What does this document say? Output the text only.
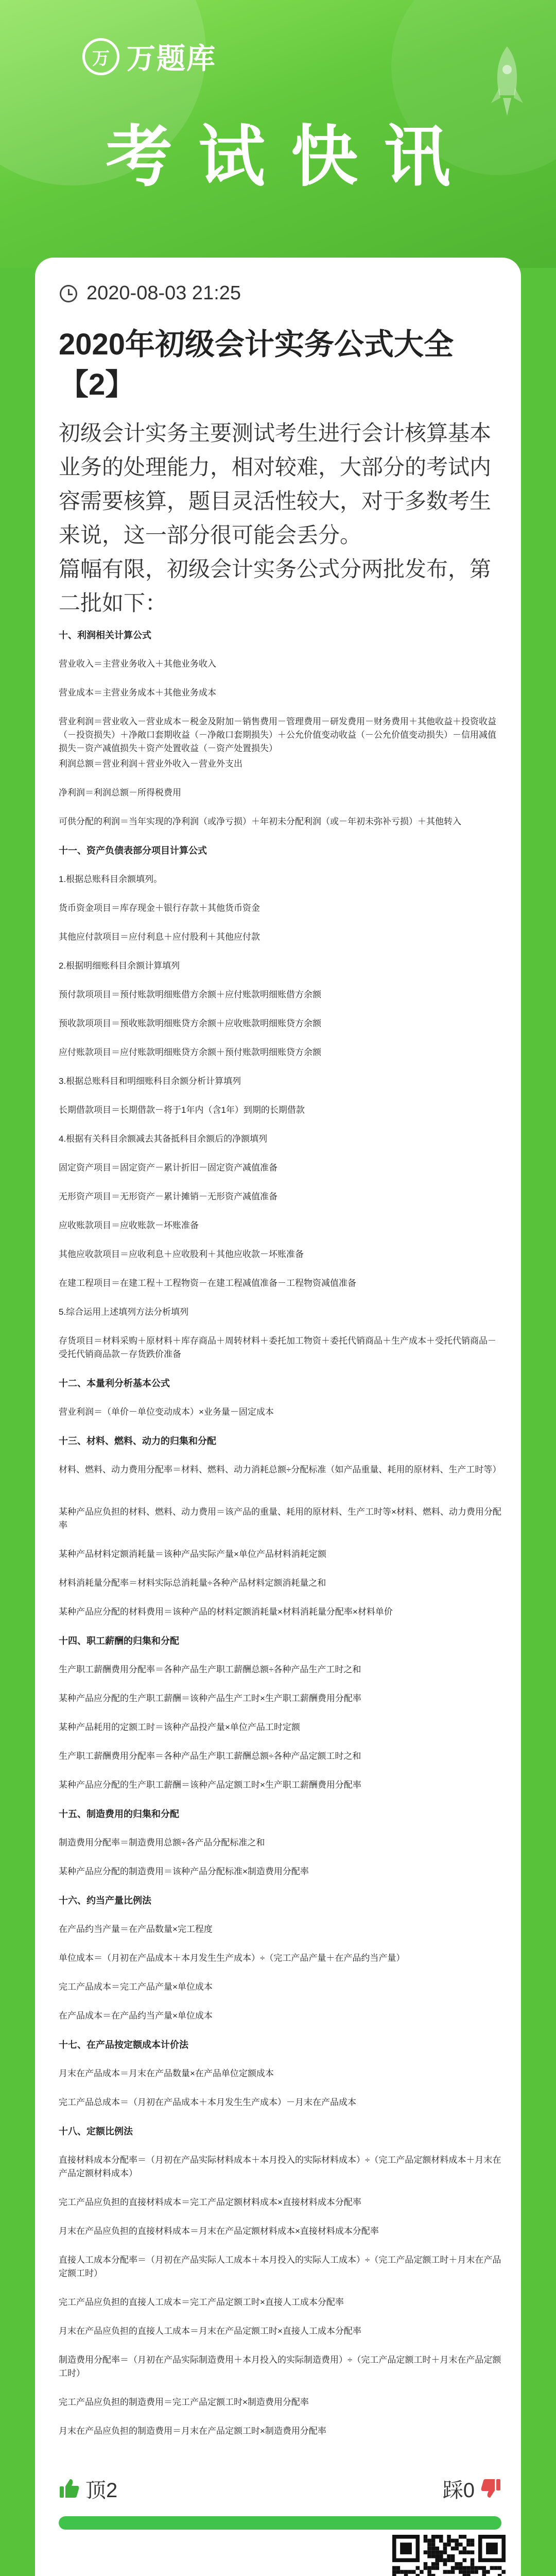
万 万题库
考试快讯
2020-08-03 21:25
2020年初级会计实务公式大全【2】
初级会计实务主要测试考生进行会计核算基本业务的处理能力，相对较难，大部分的考试内容需要核算，题目灵活性较大，对于多数考生来说，这一部分很可能会丢分。
篇幅有限，初级会计实务公式分两批发布，第二批如下：
十、利润相关计算公式
营业收入＝主营业务收入＋其他业务收入
营业成本＝主营业务成本＋其他业务成本
营业利润＝营业收入－营业成本－税金及附加－销售费用－管理费用－研发费用－财务费用＋其他收益＋投资收益（－投资损失）＋净敞口套期收益（－净敞口套期损失）＋公允价值变动收益（－公允价值变动损失）－信用减值损失－资产减值损失＋资产处置收益（－资产处置损失）
利润总额＝营业利润＋营业外收入－营业外支出
净利润＝利润总额－所得税费用
可供分配的利润＝当年实现的净利润（或净亏损）＋年初未分配利润（或－年初未弥补亏损）＋其他转入
十一、资产负债表部分项目计算公式
1.根据总账科目余额填列。
货币资金项目＝库存现金＋银行存款＋其他货币资金
其他应付款项目＝应付利息＋应付股利＋其他应付款
2.根据明细账科目余额计算填列
预付款项项目＝预付账款明细账借方余额＋应付账款明细账借方余额
预收款项项目＝预收账款明细账贷方余额＋应收账款明细账贷方余额
应付账款项目＝应付账款明细账贷方余额＋预付账款明细账贷方余额
3.根据总账科目和明细账科目余额分析计算填列
长期借款项目＝长期借款－将于1年内（含1年）到期的长期借款
4.根据有关科目余额减去其备抵科目余额后的净额填列
固定资产项目＝固定资产－累计折旧－固定资产减值准备
无形资产项目＝无形资产－累计摊销－无形资产减值准备
应收账款项目＝应收账款－坏账准备
其他应收款项目＝应收利息＋应收股利＋其他应收款－坏账准备
在建工程项目＝在建工程＋工程物资－在建工程减值准备－工程物资减值准备
5.综合运用上述填列方法分析填列
存货项目＝材料采购＋原材料＋库存商品＋周转材料＋委托加工物资＋委托代销商品＋生产成本＋受托代销商品－受托代销商品款－存货跌价准备
十二、本量利分析基本公式
营业利润＝（单价－单位变动成本）×业务量－固定成本
十三、材料、燃料、动力的归集和分配
材料、燃料、动力费用分配率＝材料、燃料、动力消耗总额÷分配标准（如产品重量、耗用的原材料、生产工时等）
某种产品应负担的材料、燃料、动力费用＝该产品的重量、耗用的原材料、生产工时等×材料、燃料、动力费用分配率
某种产品材料定额消耗量＝该种产品实际产量×单位产品材料消耗定额
材料消耗量分配率＝材料实际总消耗量÷各种产品材料定额消耗量之和
某种产品应分配的材料费用＝该种产品的材料定额消耗量×材料消耗量分配率×材料单价
十四、职工薪酬的归集和分配
生产职工薪酬费用分配率＝各种产品生产职工薪酬总额÷各种产品生产工时之和
某种产品应分配的生产职工薪酬＝该种产品生产工时×生产职工薪酬费用分配率
某种产品耗用的定额工时＝该种产品投产量×单位产品工时定额
生产职工薪酬费用分配率＝各种产品生产职工薪酬总额÷各种产品定额工时之和
某种产品应分配的生产职工薪酬＝该种产品定额工时×生产职工薪酬费用分配率
十五、制造费用的归集和分配
制造费用分配率＝制造费用总额÷各产品分配标准之和
某种产品应分配的制造费用＝该种产品分配标准×制造费用分配率
十六、约当产量比例法
在产品约当产量＝在产品数量×完工程度
单位成本＝（月初在产品成本＋本月发生生产成本）÷（完工产品产量＋在产品约当产量）
完工产品成本＝完工产品产量×单位成本
在产品成本＝在产品约当产量×单位成本
十七、在产品按定额成本计价法
月末在产品成本＝月末在产品数量×在产品单位定额成本
完工产品总成本＝（月初在产品成本＋本月发生生产成本）－月末在产品成本
十八、定额比例法
直接材料成本分配率＝（月初在产品实际材料成本＋本月投入的实际材料成本）÷（完工产品定额材料成本＋月末在产品定额材料成本）
完工产品应负担的直接材料成本＝完工产品定额材料成本×直接材料成本分配率
月末在产品应负担的直接材料成本＝月末在产品定额材料成本×直接材料成本分配率
直接人工成本分配率＝（月初在产品实际人工成本＋本月投入的实际人工成本）÷（完工产品定额工时＋月末在产品定额工时）
完工产品应负担的直接人工成本＝完工产品定额工时×直接人工成本分配率
月末在产品应负担的直接人工成本＝月末在产品定额工时×直接人工成本分配率
制造费用分配率＝（月初在产品实际制造费用＋本月投入的实际制造费用）÷（完工产品定额工时＋月末在产品定额工时）
完工产品应负担的制造费用＝完工产品定额工时×制造费用分配率
月末在产品应负担的制造费用＝月末在产品定额工时×制造费用分配率
顶2	踩0
